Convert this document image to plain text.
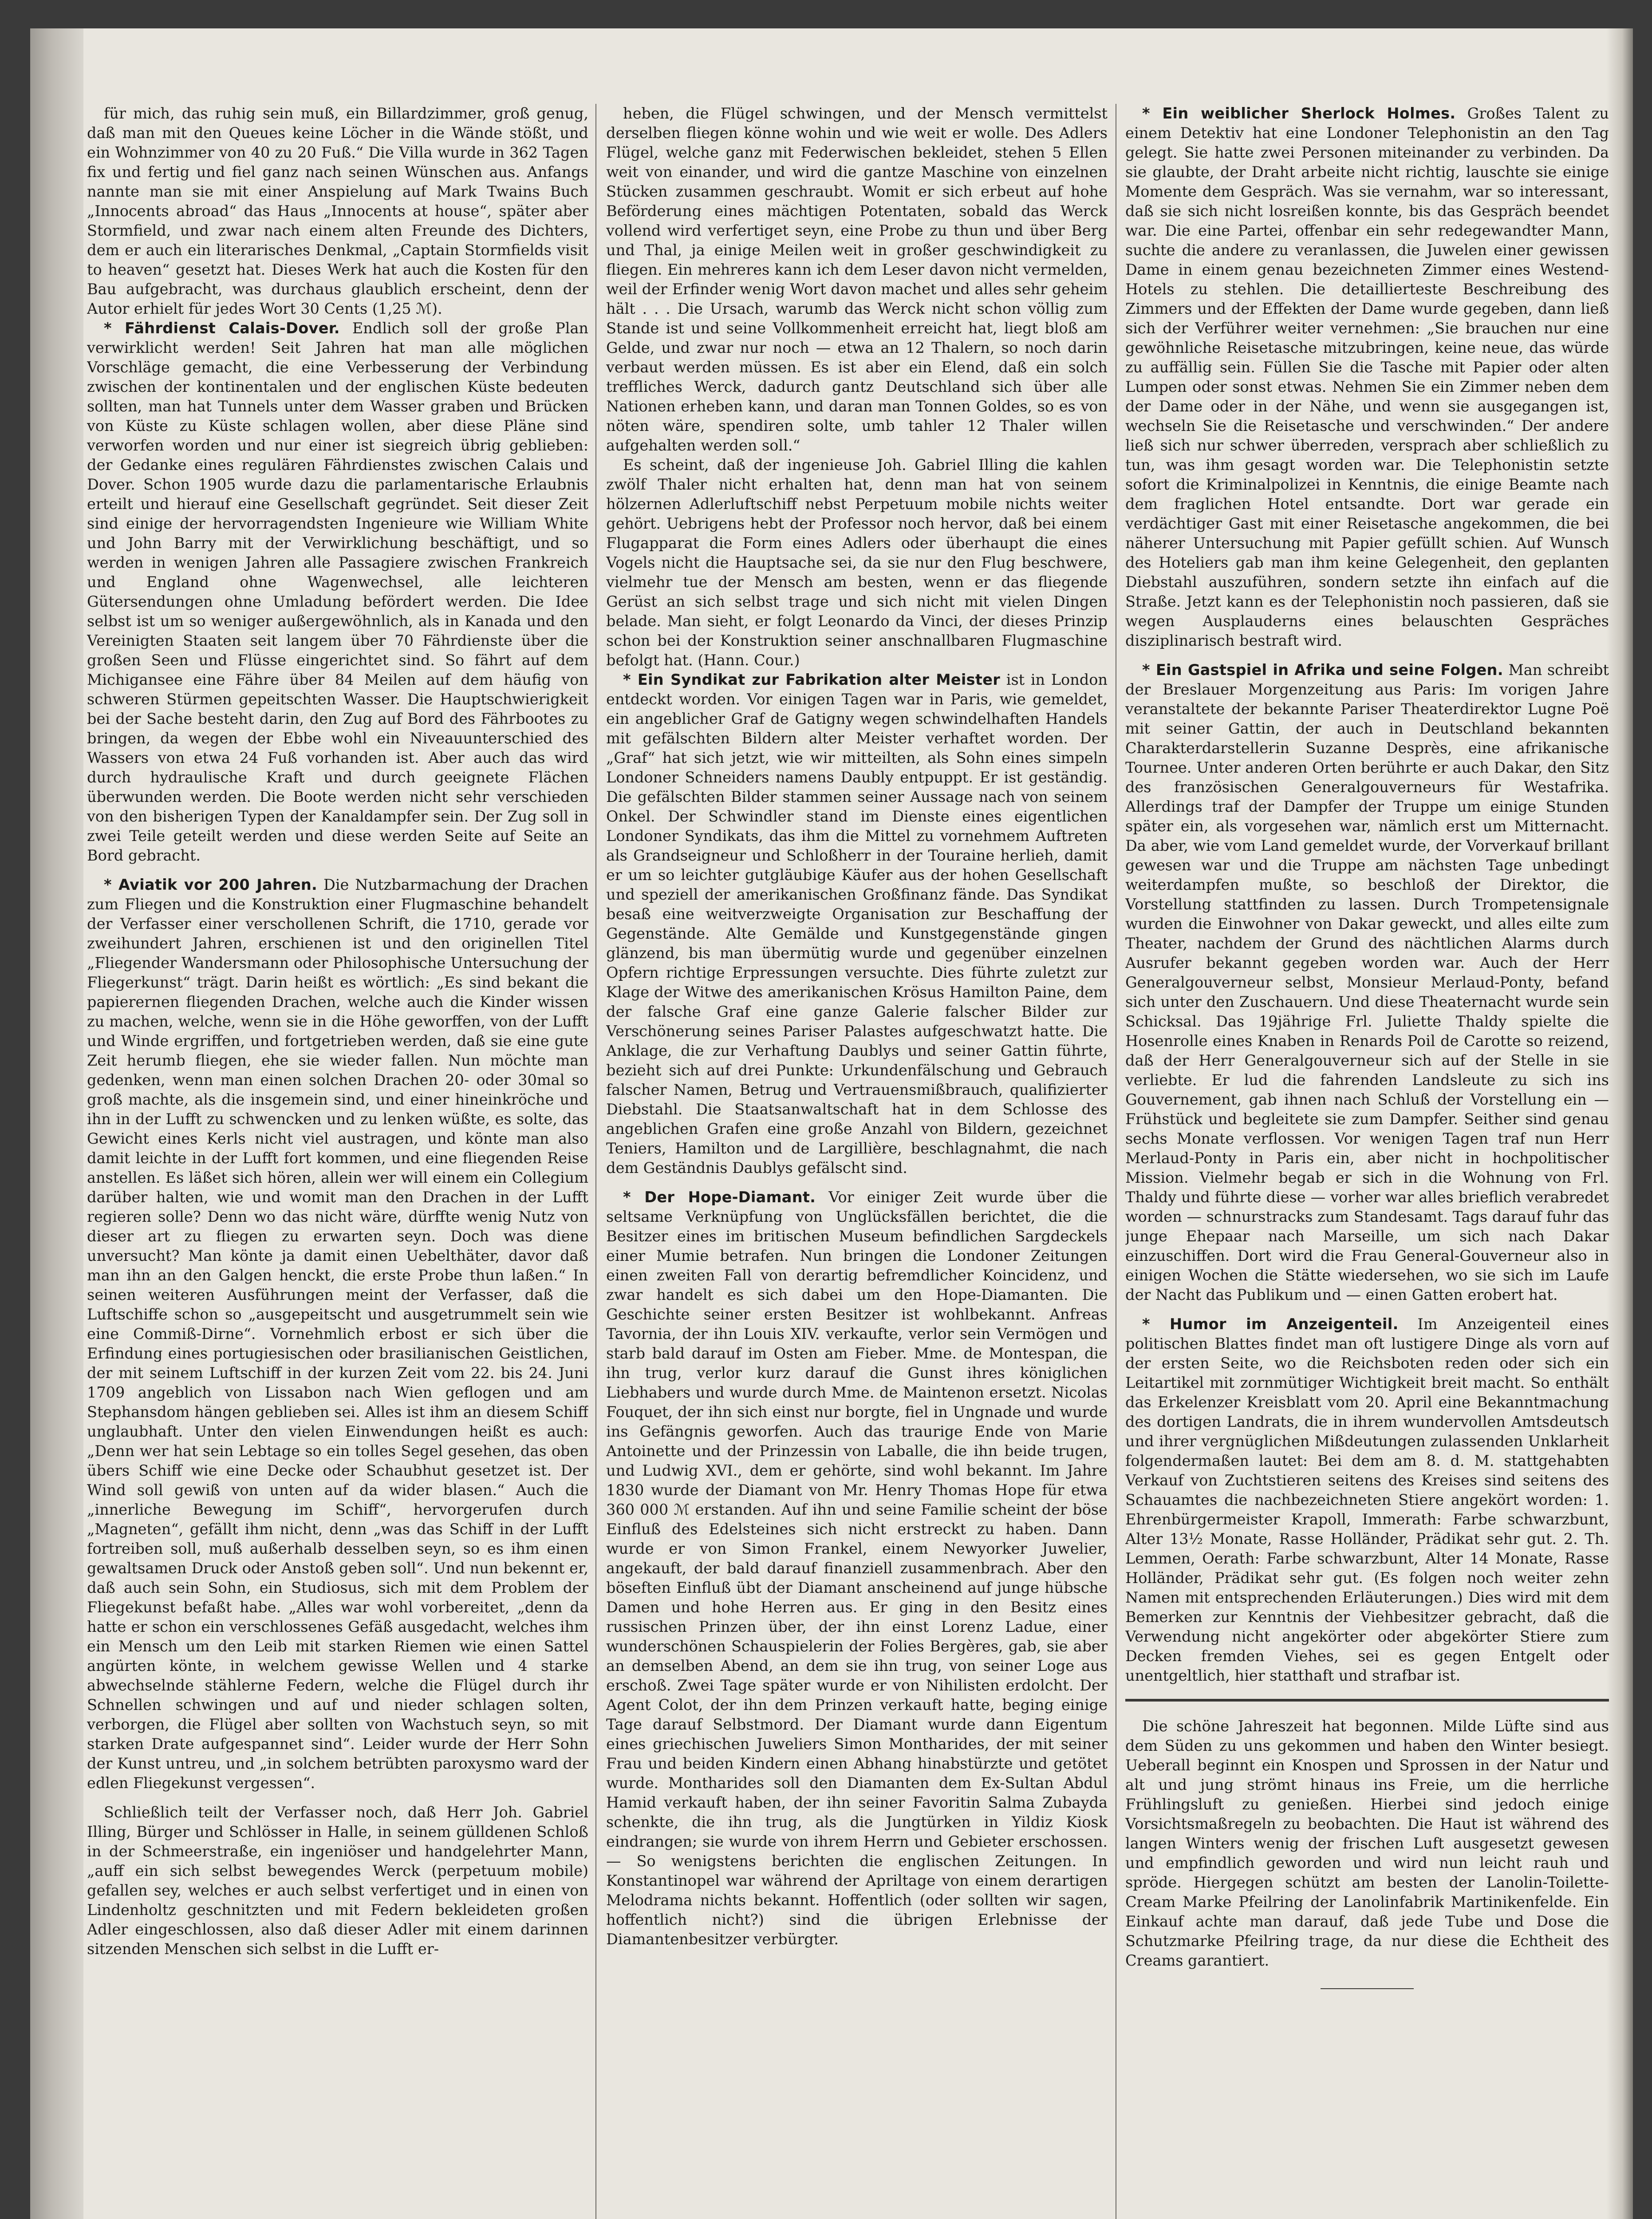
für mich, das ruhig sein muß, ein Billardzimmer, groß genug, daß man mit den Queues keine Löcher in die Wände stößt, und ein Wohnzimmer von 40 zu 20 Fuß.“ Die Villa wurde in 362 Tagen fix und fertig und fiel ganz nach seinen Wünschen aus. Anfangs nannte man sie mit einer Anspielung auf Mark Twains Buch „Innocents abroad“ das Haus „Innocents at house“, später aber Stormfield, und zwar nach einem alten Freunde des Dichters, dem er auch ein literarisches Denkmal, „Captain Stormfields visit to heaven“ gesetzt hat. Dieses Werk hat auch die Kosten für den Bau aufgebracht, was durchaus glaublich erscheint, denn der Autor erhielt für jedes Wort 30 Cents (1,25 ℳ).

* Fährdienst Calais-Dover. Endlich soll der große Plan verwirklicht werden! Seit Jahren hat man alle möglichen Vorschläge gemacht, die eine Verbesserung der Verbindung zwischen der kontinentalen und der englischen Küste bedeuten sollten, man hat Tunnels unter dem Wasser graben und Brücken von Küste zu Küste schlagen wollen, aber diese Pläne sind verworfen worden und nur einer ist siegreich übrig geblieben: der Gedanke eines regulären Fährdienstes zwischen Calais und Dover. Schon 1905 wurde dazu die parlamentarische Erlaubnis erteilt und hierauf eine Gesellschaft gegründet. Seit dieser Zeit sind einige der hervorragendsten Ingenieure wie William White und John Barry mit der Verwirklichung beschäftigt, und so werden in wenigen Jahren alle Passagiere zwischen Frankreich und England ohne Wagenwechsel, alle leichteren Gütersendungen ohne Umladung befördert werden. Die Idee selbst ist um so weniger außergewöhnlich, als in Kanada und den Vereinigten Staaten seit langem über 70 Fährdienste über die großen Seen und Flüsse eingerichtet sind. So fährt auf dem Michigansee eine Fähre über 84 Meilen auf dem häufig von schweren Stürmen gepeitschten Wasser. Die Hauptschwierigkeit bei der Sache besteht darin, den Zug auf Bord des Fährbootes zu bringen, da wegen der Ebbe wohl ein Niveauunterschied des Wassers von etwa 24 Fuß vorhanden ist. Aber auch das wird durch hydraulische Kraft und durch geeignete Flächen überwunden werden. Die Boote werden nicht sehr verschieden von den bisherigen Typen der Kanaldampfer sein. Der Zug soll in zwei Teile geteilt werden und diese werden Seite auf Seite an Bord gebracht.

* Aviatik vor 200 Jahren. Die Nutzbarmachung der Drachen zum Fliegen und die Konstruktion einer Flugmaschine behandelt der Verfasser einer verschollenen Schrift, die 1710, gerade vor zweihundert Jahren, erschienen ist und den originellen Titel „Fliegender Wandersmann oder Philosophische Untersuchung der Fliegerkunst“ trägt. Darin heißt es wörtlich: „Es sind bekant die papierernen fliegenden Drachen, welche auch die Kinder wissen zu machen, welche, wenn sie in die Höhe geworffen, von der Lufft und Winde ergriffen, und fortgetrieben werden, daß sie eine gute Zeit herumb fliegen, ehe sie wieder fallen. Nun möchte man gedenken, wenn man einen solchen Drachen 20- oder 30mal so groß machte, als die insgemein sind, und einer hineinkröche und ihn in der Lufft zu schwencken und zu lenken wüßte, es solte, das Gewicht eines Kerls nicht viel austragen, und könte man also damit leichte in der Lufft fort kommen, und eine fliegenden Reise anstellen. Es läßet sich hören, allein wer will einem ein Collegium darüber halten, wie und womit man den Drachen in der Lufft regieren solle? Denn wo das nicht wäre, dürffte wenig Nutz von dieser art zu fliegen zu erwarten seyn. Doch was diene unversucht? Man könte ja damit einen Uebelthäter, davor daß man ihn an den Galgen henckt, die erste Probe thun laßen.“ In seinen weiteren Ausführungen meint der Verfasser, daß die Luftschiffe schon so „ausgepeitscht und ausgetrummelt sein wie eine Commiß-Dirne“. Vornehmlich erbost er sich über die Erfindung eines portugiesischen oder brasilianischen Geistlichen, der mit seinem Luftschiff in der kurzen Zeit vom 22. bis 24. Juni 1709 angeblich von Lissabon nach Wien geflogen und am Stephansdom hängen geblieben sei. Alles ist ihm an diesem Schiff unglaubhaft. Unter den vielen Einwendungen heißt es auch: „Denn wer hat sein Lebtage so ein tolles Segel gesehen, das oben übers Schiff wie eine Decke oder Schaubhut gesetzet ist. Der Wind soll gewiß von unten auf da wider blasen.“ Auch die „innerliche Bewegung im Schiff“, hervorgerufen durch „Magneten“, gefällt ihm nicht, denn „was das Schiff in der Lufft fortreiben soll, muß außerhalb desselben seyn, so es ihm einen gewaltsamen Druck oder Anstoß geben soll“. Und nun bekennt er, daß auch sein Sohn, ein Studiosus, sich mit dem Problem der Fliegekunst befaßt habe. „Alles war wohl vorbereitet, „denn da hatte er schon ein verschlossenes Gefäß ausgedacht, welches ihm ein Mensch um den Leib mit starken Riemen wie einen Sattel angürten könte, in welchem gewisse Wellen und 4 starke abwechselnde stählerne Federn, welche die Flügel durch ihr Schnellen schwingen und auf und nieder schlagen solten, verborgen, die Flügel aber sollten von Wachstuch seyn, so mit starken Drate aufgespannet sind“. Leider wurde der Herr Sohn der Kunst untreu, und „in solchem betrübten paroxysmo ward der edlen Fliegekunst vergessen“.

Schließlich teilt der Verfasser noch, daß Herr Joh. Gabriel Illing, Bürger und Schlösser in Halle, in seinem gülldenen Schloß in der Schmeerstraße, ein ingeniöser und handgelehrter Mann, „auff ein sich selbst bewegendes Werck (perpetuum mobile) gefallen sey, welches er auch selbst verfertiget und in einen von Lindenholtz geschnitzten und mit Federn bekleideten großen Adler eingeschlossen, also daß dieser Adler mit einem darinnen sitzenden Menschen sich selbst in die Lufft er-

heben, die Flügel schwingen, und der Mensch vermittelst derselben fliegen könne wohin und wie weit er wolle. Des Adlers Flügel, welche ganz mit Federwischen bekleidet, stehen 5 Ellen weit von einander, und wird die gantze Maschine von einzelnen Stücken zusammen geschraubt. Womit er sich erbeut auf hohe Beförderung eines mächtigen Potentaten, sobald das Werck vollend wird verfertiget seyn, eine Probe zu thun und über Berg und Thal, ja einige Meilen weit in großer geschwindigkeit zu fliegen. Ein mehreres kann ich dem Leser davon nicht vermelden, weil der Erfinder wenig Wort davon machet und alles sehr geheim hält . . . Die Ursach, warumb das Werck nicht schon völlig zum Stande ist und seine Vollkommenheit erreicht hat, liegt bloß am Gelde, und zwar nur noch — etwa an 12 Thalern, so noch darin verbaut werden müssen. Es ist aber ein Elend, daß ein solch treffliches Werck, dadurch gantz Deutschland sich über alle Nationen erheben kann, und daran man Tonnen Goldes, so es von nöten wäre, spendiren solte, umb tahler 12 Thaler willen aufgehalten werden soll.“

Es scheint, daß der ingenieuse Joh. Gabriel Illing die kahlen zwölf Thaler nicht erhalten hat, denn man hat von seinem hölzernen Adlerluftschiff nebst Perpetuum mobile nichts weiter gehört. Uebrigens hebt der Professor noch hervor, daß bei einem Flugapparat die Form eines Adlers oder überhaupt die eines Vogels nicht die Hauptsache sei, da sie nur den Flug beschwere, vielmehr tue der Mensch am besten, wenn er das fliegende Gerüst an sich selbst trage und sich nicht mit vielen Dingen belade. Man sieht, er folgt Leonardo da Vinci, der dieses Prinzip schon bei der Konstruktion seiner anschnallbaren Flugmaschine befolgt hat. (Hann. Cour.)

* Ein Syndikat zur Fabrikation alter Meister ist in London entdeckt worden. Vor einigen Tagen war in Paris, wie gemeldet, ein angeblicher Graf de Gatigny wegen schwindelhaften Handels mit gefälschten Bildern alter Meister verhaftet worden. Der „Graf“ hat sich jetzt, wie wir mitteilten, als Sohn eines simpeln Londoner Schneiders namens Daubly entpuppt. Er ist geständig. Die gefälschten Bilder stammen seiner Aussage nach von seinem Onkel. Der Schwindler stand im Dienste eines eigentlichen Londoner Syndikats, das ihm die Mittel zu vornehmem Auftreten als Grandseigneur und Schloßherr in der Touraine herlieh, damit er um so leichter gutgläubige Käufer aus der hohen Gesellschaft und speziell der amerikanischen Großfinanz fände. Das Syndikat besaß eine weitverzweigte Organisation zur Beschaffung der Gegenstände. Alte Gemälde und Kunstgegenstände gingen glänzend, bis man übermütig wurde und gegenüber einzelnen Opfern richtige Erpressungen versuchte. Dies führte zuletzt zur Klage der Witwe des amerikanischen Krösus Hamilton Paine, dem der falsche Graf eine ganze Galerie falscher Bilder zur Verschönerung seines Pariser Palastes aufgeschwatzt hatte. Die Anklage, die zur Verhaftung Daublys und seiner Gattin führte, bezieht sich auf drei Punkte: Urkundenfälschung und Gebrauch falscher Namen, Betrug und Vertrauensmißbrauch, qualifizierter Diebstahl. Die Staatsanwaltschaft hat in dem Schlosse des angeblichen Grafen eine große Anzahl von Bildern, gezeichnet Teniers, Hamilton und de Largillière, beschlagnahmt, die nach dem Geständnis Daublys gefälscht sind.

* Der Hope-Diamant. Vor einiger Zeit wurde über die seltsame Verknüpfung von Unglücksfällen berichtet, die die Besitzer eines im britischen Museum befindlichen Sargdeckels einer Mumie betrafen. Nun bringen die Londoner Zeitungen einen zweiten Fall von derartig befremdlicher Koincidenz, und zwar handelt es sich dabei um den Hope-Diamanten. Die Geschichte seiner ersten Besitzer ist wohlbekannt. Anfreas Tavornia, der ihn Louis XIV. verkaufte, verlor sein Vermögen und starb bald darauf im Osten am Fieber. Mme. de Montespan, die ihn trug, verlor kurz darauf die Gunst ihres königlichen Liebhabers und wurde durch Mme. de Maintenon ersetzt. Nicolas Fouquet, der ihn sich einst nur borgte, fiel in Ungnade und wurde ins Gefängnis geworfen. Auch das traurige Ende von Marie Antoinette und der Prinzessin von Laballe, die ihn beide trugen, und Ludwig XVI., dem er gehörte, sind wohl bekannt. Im Jahre 1830 wurde der Diamant von Mr. Henry Thomas Hope für etwa 360 000 ℳ erstanden. Auf ihn und seine Familie scheint der böse Einfluß des Edelsteines sich nicht erstreckt zu haben. Dann wurde er von Simon Frankel, einem Newyorker Juwelier, angekauft, der bald darauf finanziell zusammenbrach. Aber den böseften Einfluß übt der Diamant anscheinend auf junge hübsche Damen und hohe Herren aus. Er ging in den Besitz eines russischen Prinzen über, der ihn einst Lorenz Ladue, einer wunderschönen Schauspielerin der Folies Bergères, gab, sie aber an demselben Abend, an dem sie ihn trug, von seiner Loge aus erschoß. Zwei Tage später wurde er von Nihilisten erdolcht. Der Agent Colot, der ihn dem Prinzen verkauft hatte, beging einige Tage darauf Selbstmord. Der Diamant wurde dann Eigentum eines griechischen Juweliers Simon Montharides, der mit seiner Frau und beiden Kindern einen Abhang hinabstürzte und getötet wurde. Montharides soll den Diamanten dem Ex-Sultan Abdul Hamid verkauft haben, der ihn seiner Favoritin Salma Zubayda schenkte, die ihn trug, als die Jungtürken in Yildiz Kiosk eindrangen; sie wurde von ihrem Herrn und Gebieter erschossen. — So wenigstens berichten die englischen Zeitungen. In Konstantinopel war während der Apriltage von einem derartigen Melodrama nichts bekannt. Hoffentlich (oder sollten wir sagen, hoffentlich nicht?) sind die übrigen Erlebnisse der Diamantenbesitzer verbürgter.

* Ein weiblicher Sherlock Holmes. Großes Talent zu einem Detektiv hat eine Londoner Telephonistin an den Tag gelegt. Sie hatte zwei Personen miteinander zu verbinden. Da sie glaubte, der Draht arbeite nicht richtig, lauschte sie einige Momente dem Gespräch. Was sie vernahm, war so interessant, daß sie sich nicht losreißen konnte, bis das Gespräch beendet war. Die eine Partei, offenbar ein sehr redegewandter Mann, suchte die andere zu veranlassen, die Juwelen einer gewissen Dame in einem genau bezeichneten Zimmer eines Westend-Hotels zu stehlen. Die detaillierteste Beschreibung des Zimmers und der Effekten der Dame wurde gegeben, dann ließ sich der Verführer weiter vernehmen: „Sie brauchen nur eine gewöhnliche Reisetasche mitzubringen, keine neue, das würde zu auffällig sein. Füllen Sie die Tasche mit Papier oder alten Lumpen oder sonst etwas. Nehmen Sie ein Zimmer neben dem der Dame oder in der Nähe, und wenn sie ausgegangen ist, wechseln Sie die Reisetasche und verschwinden.“ Der andere ließ sich nur schwer überreden, versprach aber schließlich zu tun, was ihm gesagt worden war. Die Telephonistin setzte sofort die Kriminalpolizei in Kenntnis, die einige Beamte nach dem fraglichen Hotel entsandte. Dort war gerade ein verdächtiger Gast mit einer Reisetasche angekommen, die bei näherer Untersuchung mit Papier gefüllt schien. Auf Wunsch des Hoteliers gab man ihm keine Gelegenheit, den geplanten Diebstahl auszuführen, sondern setzte ihn einfach auf die Straße. Jetzt kann es der Telephonistin noch passieren, daß sie wegen Ausplauderns eines belauschten Gespräches disziplinarisch bestraft wird.

* Ein Gastspiel in Afrika und seine Folgen. Man schreibt der Breslauer Morgenzeitung aus Paris: Im vorigen Jahre veranstaltete der bekannte Pariser Theaterdirektor Lugne Poë mit seiner Gattin, der auch in Deutschland bekannten Charakterdarstellerin Suzanne Desprès, eine afrikanische Tournee. Unter anderen Orten berührte er auch Dakar, den Sitz des französischen Generalgouverneurs für Westafrika. Allerdings traf der Dampfer der Truppe um einige Stunden später ein, als vorgesehen war, nämlich erst um Mitternacht. Da aber, wie vom Land gemeldet wurde, der Vorverkauf brillant gewesen war und die Truppe am nächsten Tage unbedingt weiterdampfen mußte, so beschloß der Direktor, die Vorstellung stattfinden zu lassen. Durch Trompetensignale wurden die Einwohner von Dakar geweckt, und alles eilte zum Theater, nachdem der Grund des nächtlichen Alarms durch Ausrufer bekannt gegeben worden war. Auch der Herr Generalgouverneur selbst, Monsieur Merlaud-Ponty, befand sich unter den Zuschauern. Und diese Theaternacht wurde sein Schicksal. Das 19jährige Frl. Juliette Thaldy spielte die Hosenrolle eines Knaben in Renards Poil de Carotte so reizend, daß der Herr Generalgouverneur sich auf der Stelle in sie verliebte. Er lud die fahrenden Landsleute zu sich ins Gouvernement, gab ihnen nach Schluß der Vorstellung ein — Frühstück und begleitete sie zum Dampfer. Seither sind genau sechs Monate verflossen. Vor wenigen Tagen traf nun Herr Merlaud-Ponty in Paris ein, aber nicht in hochpolitischer Mission. Vielmehr begab er sich in die Wohnung von Frl. Thaldy und führte diese — vorher war alles brieflich verabredet worden — schnurstracks zum Standesamt. Tags darauf fuhr das junge Ehepaar nach Marseille, um sich nach Dakar einzuschiffen. Dort wird die Frau General-Gouverneur also in einigen Wochen die Stätte wiedersehen, wo sie sich im Laufe der Nacht das Publikum und — einen Gatten erobert hat.

* Humor im Anzeigenteil. Im Anzeigenteil eines politischen Blattes findet man oft lustigere Dinge als vorn auf der ersten Seite, wo die Reichsboten reden oder sich ein Leitartikel mit zornmütiger Wichtigkeit breit macht. So enthält das Erkelenzer Kreisblatt vom 20. April eine Bekanntmachung des dortigen Landrats, die in ihrem wundervollen Amtsdeutsch und ihrer vergnüglichen Mißdeutungen zulassenden Unklarheit folgendermaßen lautet: Bei dem am 8. d. M. stattgehabten Verkauf von Zuchtstieren seitens des Kreises sind seitens des Schauamtes die nachbezeichneten Stiere angekört worden: 1. Ehrenbürgermeister Krapoll, Immerath: Farbe schwarzbunt, Alter 13½ Monate, Rasse Holländer, Prädikat sehr gut. 2. Th. Lemmen, Oerath: Farbe schwarzbunt, Alter 14 Monate, Rasse Holländer, Prädikat sehr gut. (Es folgen noch weiter zehn Namen mit entsprechenden Erläuterungen.) Dies wird mit dem Bemerken zur Kenntnis der Viehbesitzer gebracht, daß die Verwendung nicht angekörter oder abgekörter Stiere zum Decken fremden Viehes, sei es gegen Entgelt oder unentgeltlich, hier statthaft und strafbar ist.

Die schöne Jahreszeit hat begonnen. Milde Lüfte sind aus dem Süden zu uns gekommen und haben den Winter besiegt. Ueberall beginnt ein Knospen und Sprossen in der Natur und alt und jung strömt hinaus ins Freie, um die herrliche Frühlingsluft zu genießen. Hierbei sind jedoch einige Vorsichtsmaßregeln zu beobachten. Die Haut ist während des langen Winters wenig der frischen Luft ausgesetzt gewesen und empfindlich geworden und wird nun leicht rauh und spröde. Hiergegen schützt am besten der Lanolin-Toilette-Cream Marke Pfeilring der Lanolinfabrik Martinikenfelde. Ein Einkauf achte man darauf, daß jede Tube und Dose die Schutzmarke Pfeilring trage, da nur diese die Echtheit des Creams garantiert.
